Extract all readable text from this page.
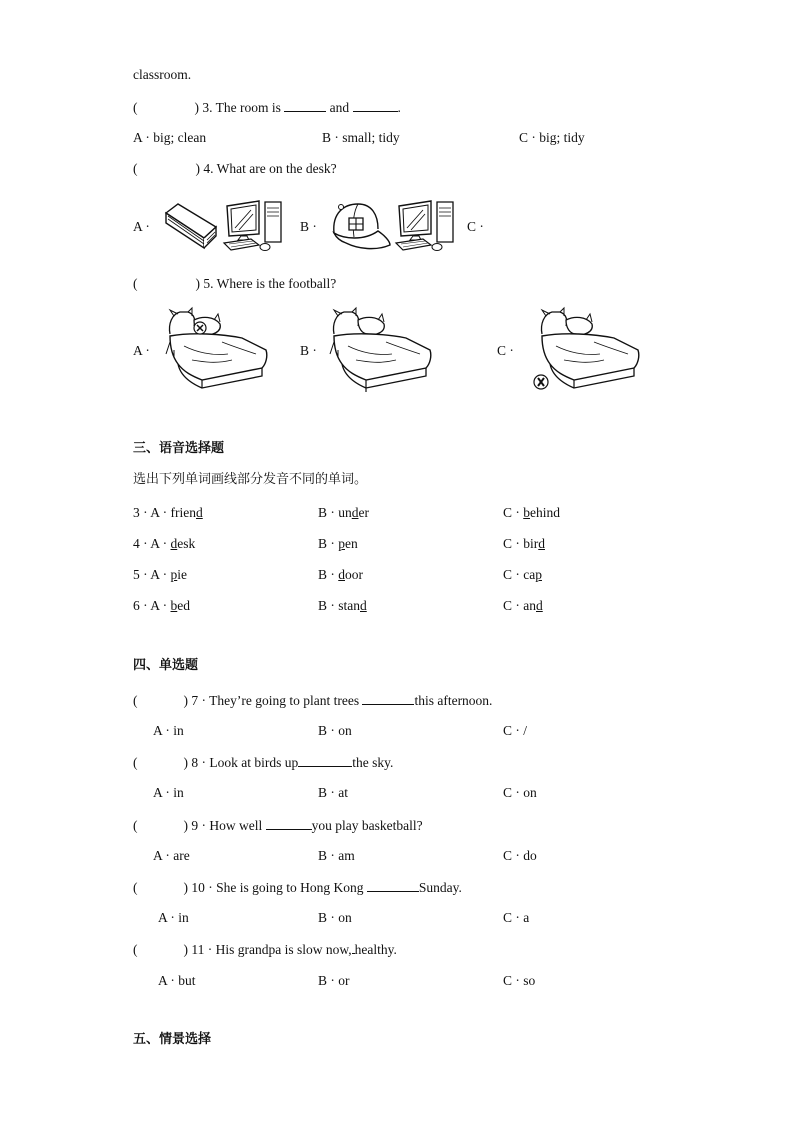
classroom.
(	) 3. The room is	and	.
A · big; clean	B · small; tidy	C · big; tidy
(	) 4. What are on the desk?
A ·	B ·	C ·
(	) 5. Where is the football?
A ·	B ·	C ·
三、语音选择题
选出下列单词画线部分发音不同的单词。
3 · A · friend	B · under	C · behind
4 · A · desk	B · pen	C · bird
5 · A · pie	B · door	C · cap
6 · A · bed	B · stand	C · and
四、单选题
(	) 7 · They’re going to plant trees	this afternoon.
A · in	B · on	C · /
(	) 8 · Look at birds up	the sky.
A · in	B · at	C · on
(	) 9 · How well	you play basketball?
A · are	B · am	C · do
(	) 10 · She is going to Hong Kong	Sunday.
A · in	B · on	C · a
(	) 11 · His grandpa is slow now, healthy.
A · but	B · or	C · so
五、情景选择
